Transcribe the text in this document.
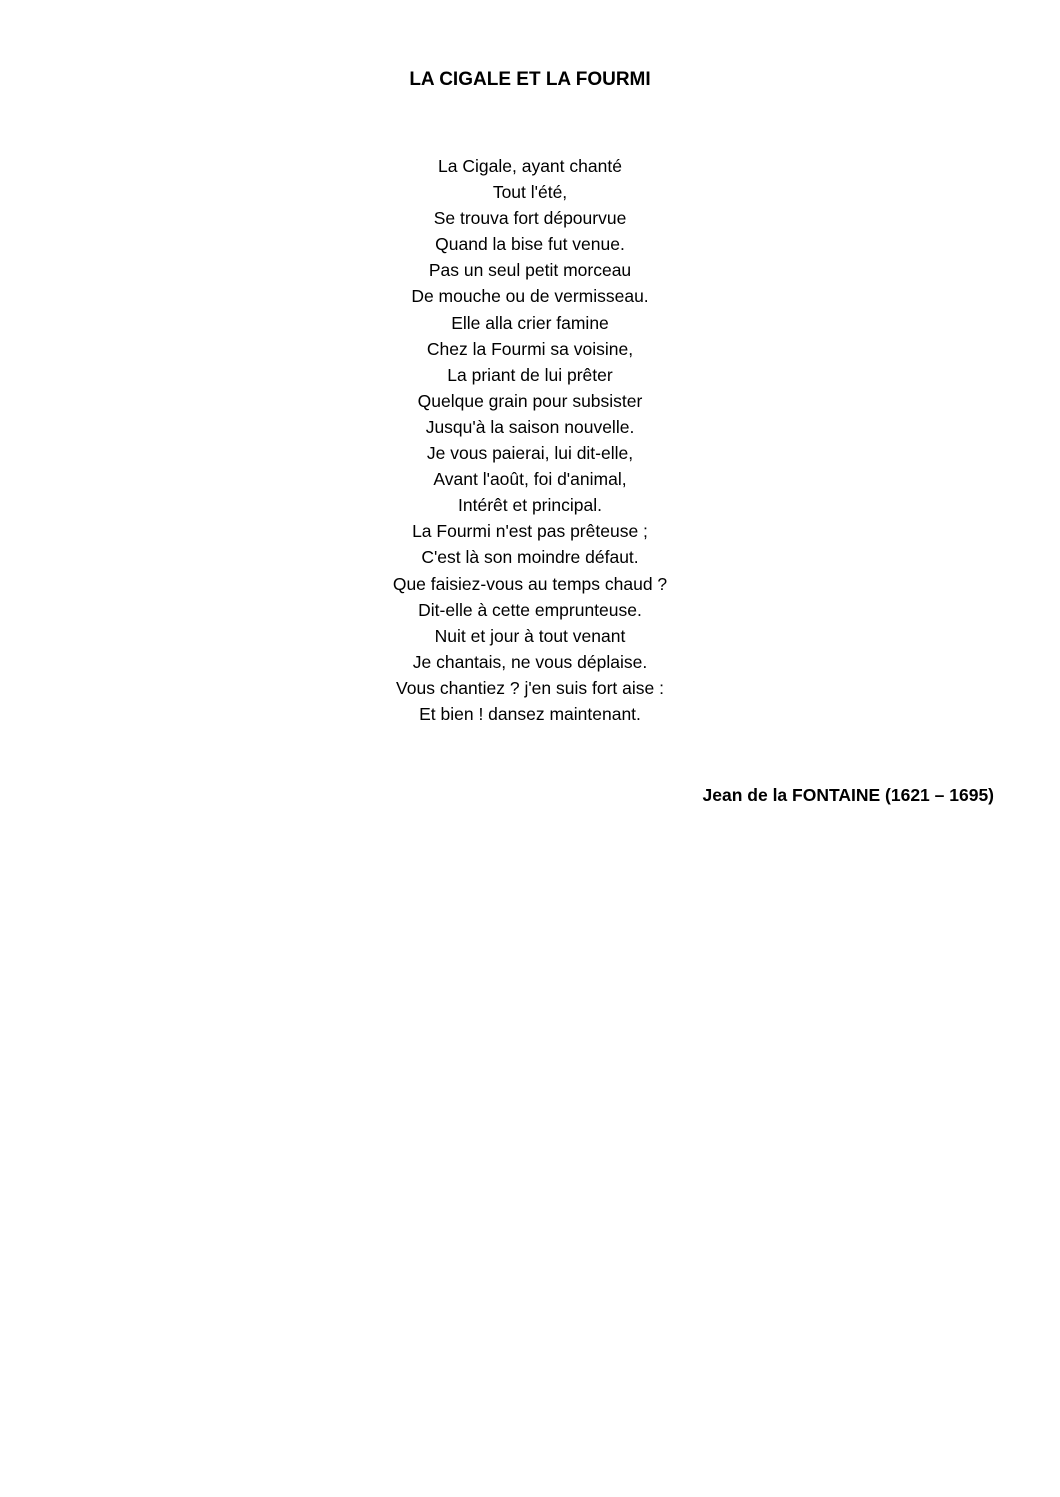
LA CIGALE ET LA FOURMI
La Cigale, ayant chanté
Tout l'été,
Se trouva fort dépourvue
Quand la bise fut venue.
Pas un seul petit morceau
De mouche ou de vermisseau.
Elle alla crier famine
Chez la Fourmi sa voisine,
La priant de lui prêter
Quelque grain pour subsister
Jusqu'à la saison nouvelle.
Je vous paierai, lui dit-elle,
Avant l'août, foi d'animal,
Intérêt et principal.
La Fourmi n'est pas prêteuse ;
C'est là son moindre défaut.
Que faisiez-vous au temps chaud ?
Dit-elle à cette emprunteuse.
Nuit et jour à tout venant
Je chantais, ne vous déplaise.
Vous chantiez ? j'en suis fort aise :
Et bien ! dansez maintenant.

Jean de la FONTAINE (1621 – 1695)
